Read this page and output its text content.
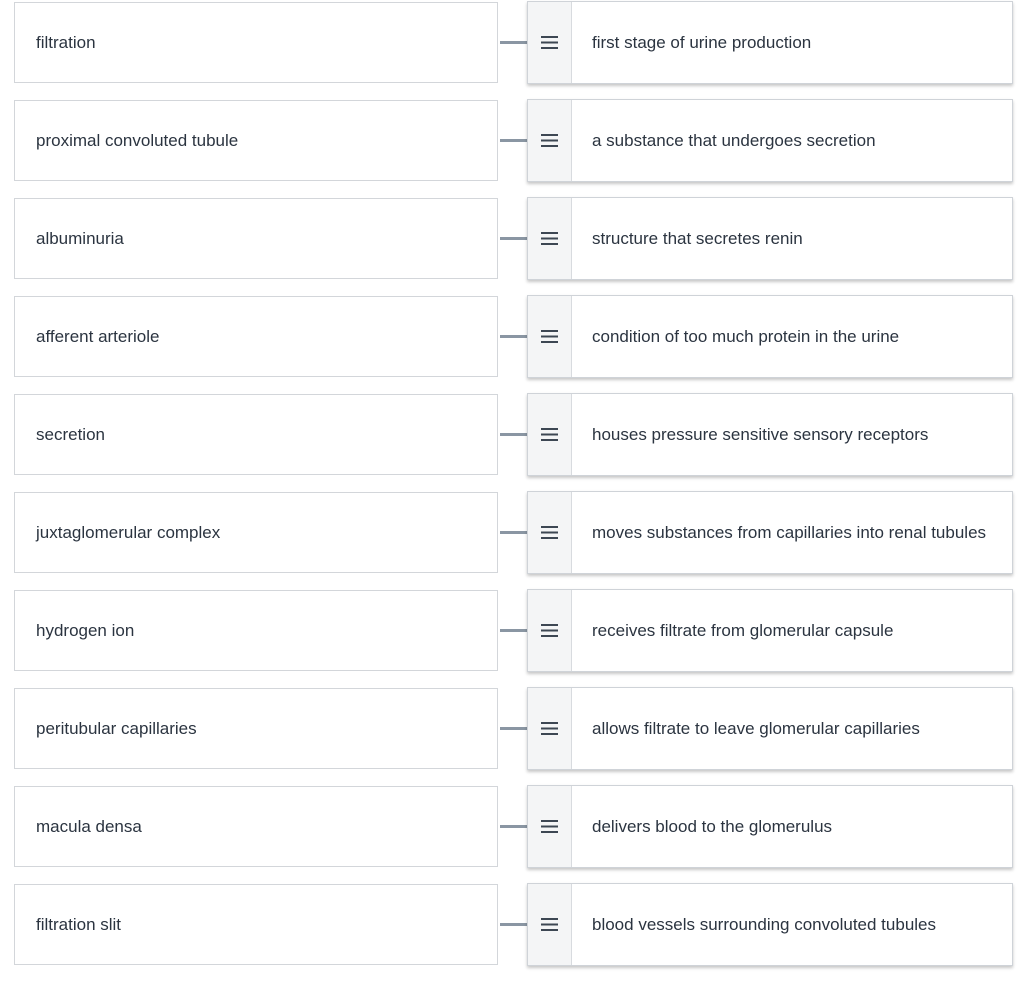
filtration	first stage of urine production
proximal convoluted tubule	a substance that undergoes secretion
albuminuria	structure that secretes renin
afferent arteriole	condition of too much protein in the urine
secretion	houses pressure sensitive sensory receptors
juxtaglomerular complex	moves substances from capillaries into renal tubules
hydrogen ion	receives filtrate from glomerular capsule
peritubular capillaries	allows filtrate to leave glomerular capillaries
macula densa	delivers blood to the glomerulus
filtration slit	blood vessels surrounding convoluted tubules
